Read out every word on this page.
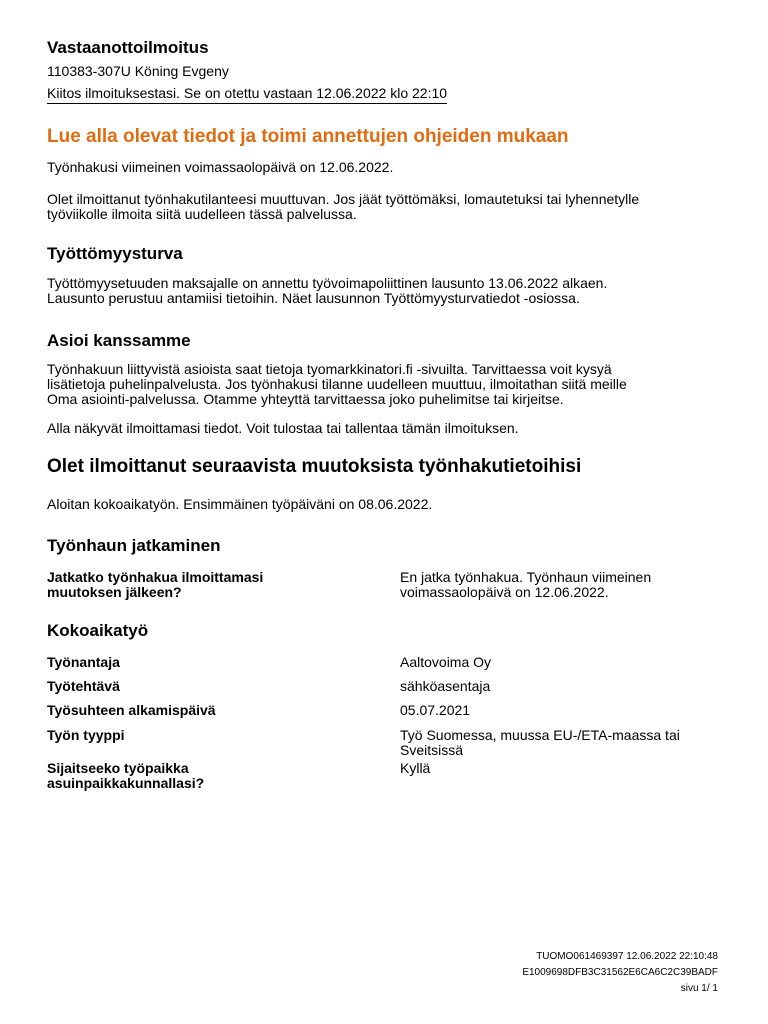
Vastaanottoilmoitus
110383-307U Köning Evgeny
Kiitos ilmoituksestasi. Se on otettu vastaan 12.06.2022 klo 22:10
Lue alla olevat tiedot ja toimi annettujen ohjeiden mukaan

Työnhakusi viimeinen voimassaolopäivä on 12.06.2022.

Olet ilmoittanut työnhakutilanteesi muuttuvan. Jos jäät työttömäksi, lomautetuksi tai lyhennetylle
työviikolle ilmoita siitä uudelleen tässä palvelussa.
Työttömyysturva
Työttömyysetuuden maksajalle on annettu työvoimapoliittinen lausunto 13.06.2022 alkaen.
Lausunto perustuu antamiisi tietoihin. Näet lausunnon Työttömyysturvatiedot -osiossa.
Asioi kanssamme
Työnhakuun liittyvistä asioista saat tietoja tyomarkkinatori.fi -sivuilta. Tarvittaessa voit kysyä
lisätietoja puhelinpalvelusta. Jos työnhakusi tilanne uudelleen muuttuu, ilmoitathan siitä meille
Oma asiointi-palvelussa. Otamme yhteyttä tarvittaessa joko puhelimitse tai kirjeitse.

Alla näkyvät ilmoittamasi tiedot. Voit tulostaa tai tallentaa tämän ilmoituksen.

Olet ilmoittanut seuraavista muutoksista työnhakutietoihisi

Aloitan kokoaikatyön. Ensimmäinen työpäiväni on 08.06.2022.

Työnhaun jatkaminen
Jatkatko työnhakua ilmoittamasi
muutoksen jälkeen?
En jatka työnhakua. Työnhaun viimeinen
voimassaolopäivä on 12.06.2022.
Kokoaikatyö
Työnantaja	Aaltovoima Oy
Työtehtävä	sähköasentaja
Työsuhteen alkamispäivä	05.07.2021
Työn tyyppi	Työ Suomessa, muussa EU-/ETA-maassa tai
Sveitsissä
Sijaitseeko työpaikka
asuinpaikkakunnallasi?
Kyllä
TUOMO061469397 12.06.2022 22:10:48
E1009698DFB3C31562E6CA6C2C39BADF
sivu 1/ 1
